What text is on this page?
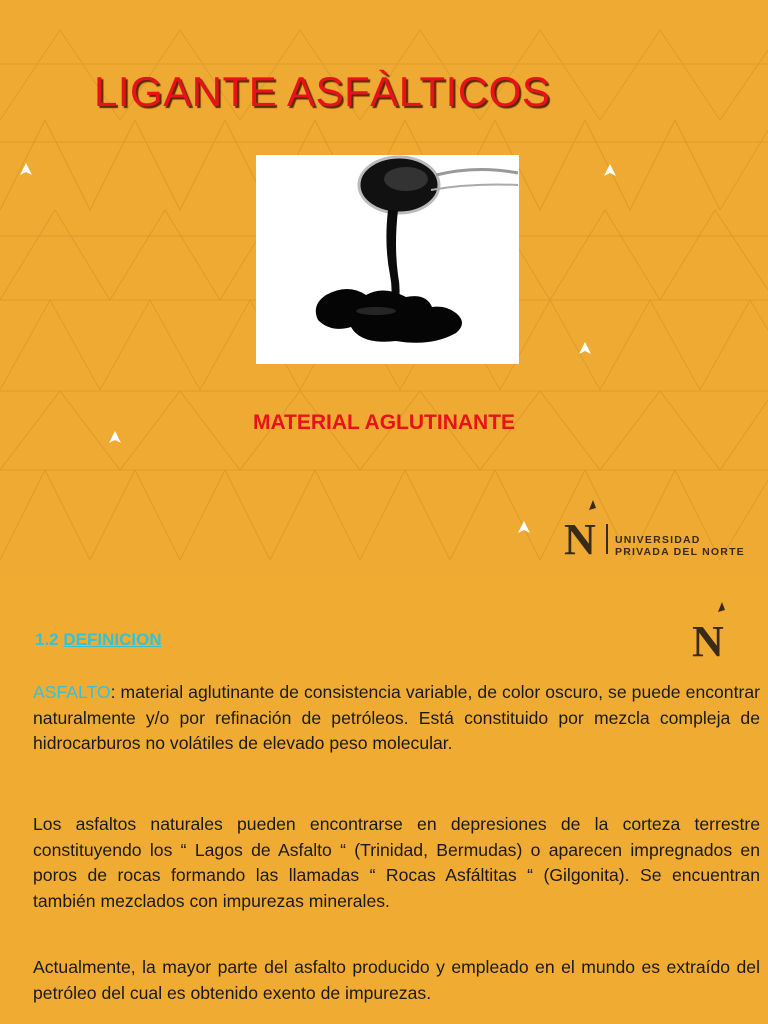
LIGANTE ASFÀLTICOS
MATERIAL AGLUTINANTE
N UNIVERSIDAD
PRIVADA DEL NORTE
1.2 DEFINICION	N

ASFALTO: material aglutinante de consistencia variable, de color oscuro, se puede encontrar naturalmente y/o por refinación de petróleos. Está constituido por mezcla compleja de hidrocarburos no volátiles de elevado peso molecular.

Los asfaltos naturales pueden encontrarse en depresiones de la corteza terrestre constituyendo los “ Lagos de Asfalto “ (Trinidad, Bermudas) o aparecen impregnados en poros de rocas formando las llamadas “ Rocas Asfáltitas “ (Gilgonita). Se encuentran también mezclados con impurezas minerales.

Actualmente, la mayor parte del asfalto producido y empleado en el mundo es extraído del petróleo del cual es obtenido exento de impurezas.
